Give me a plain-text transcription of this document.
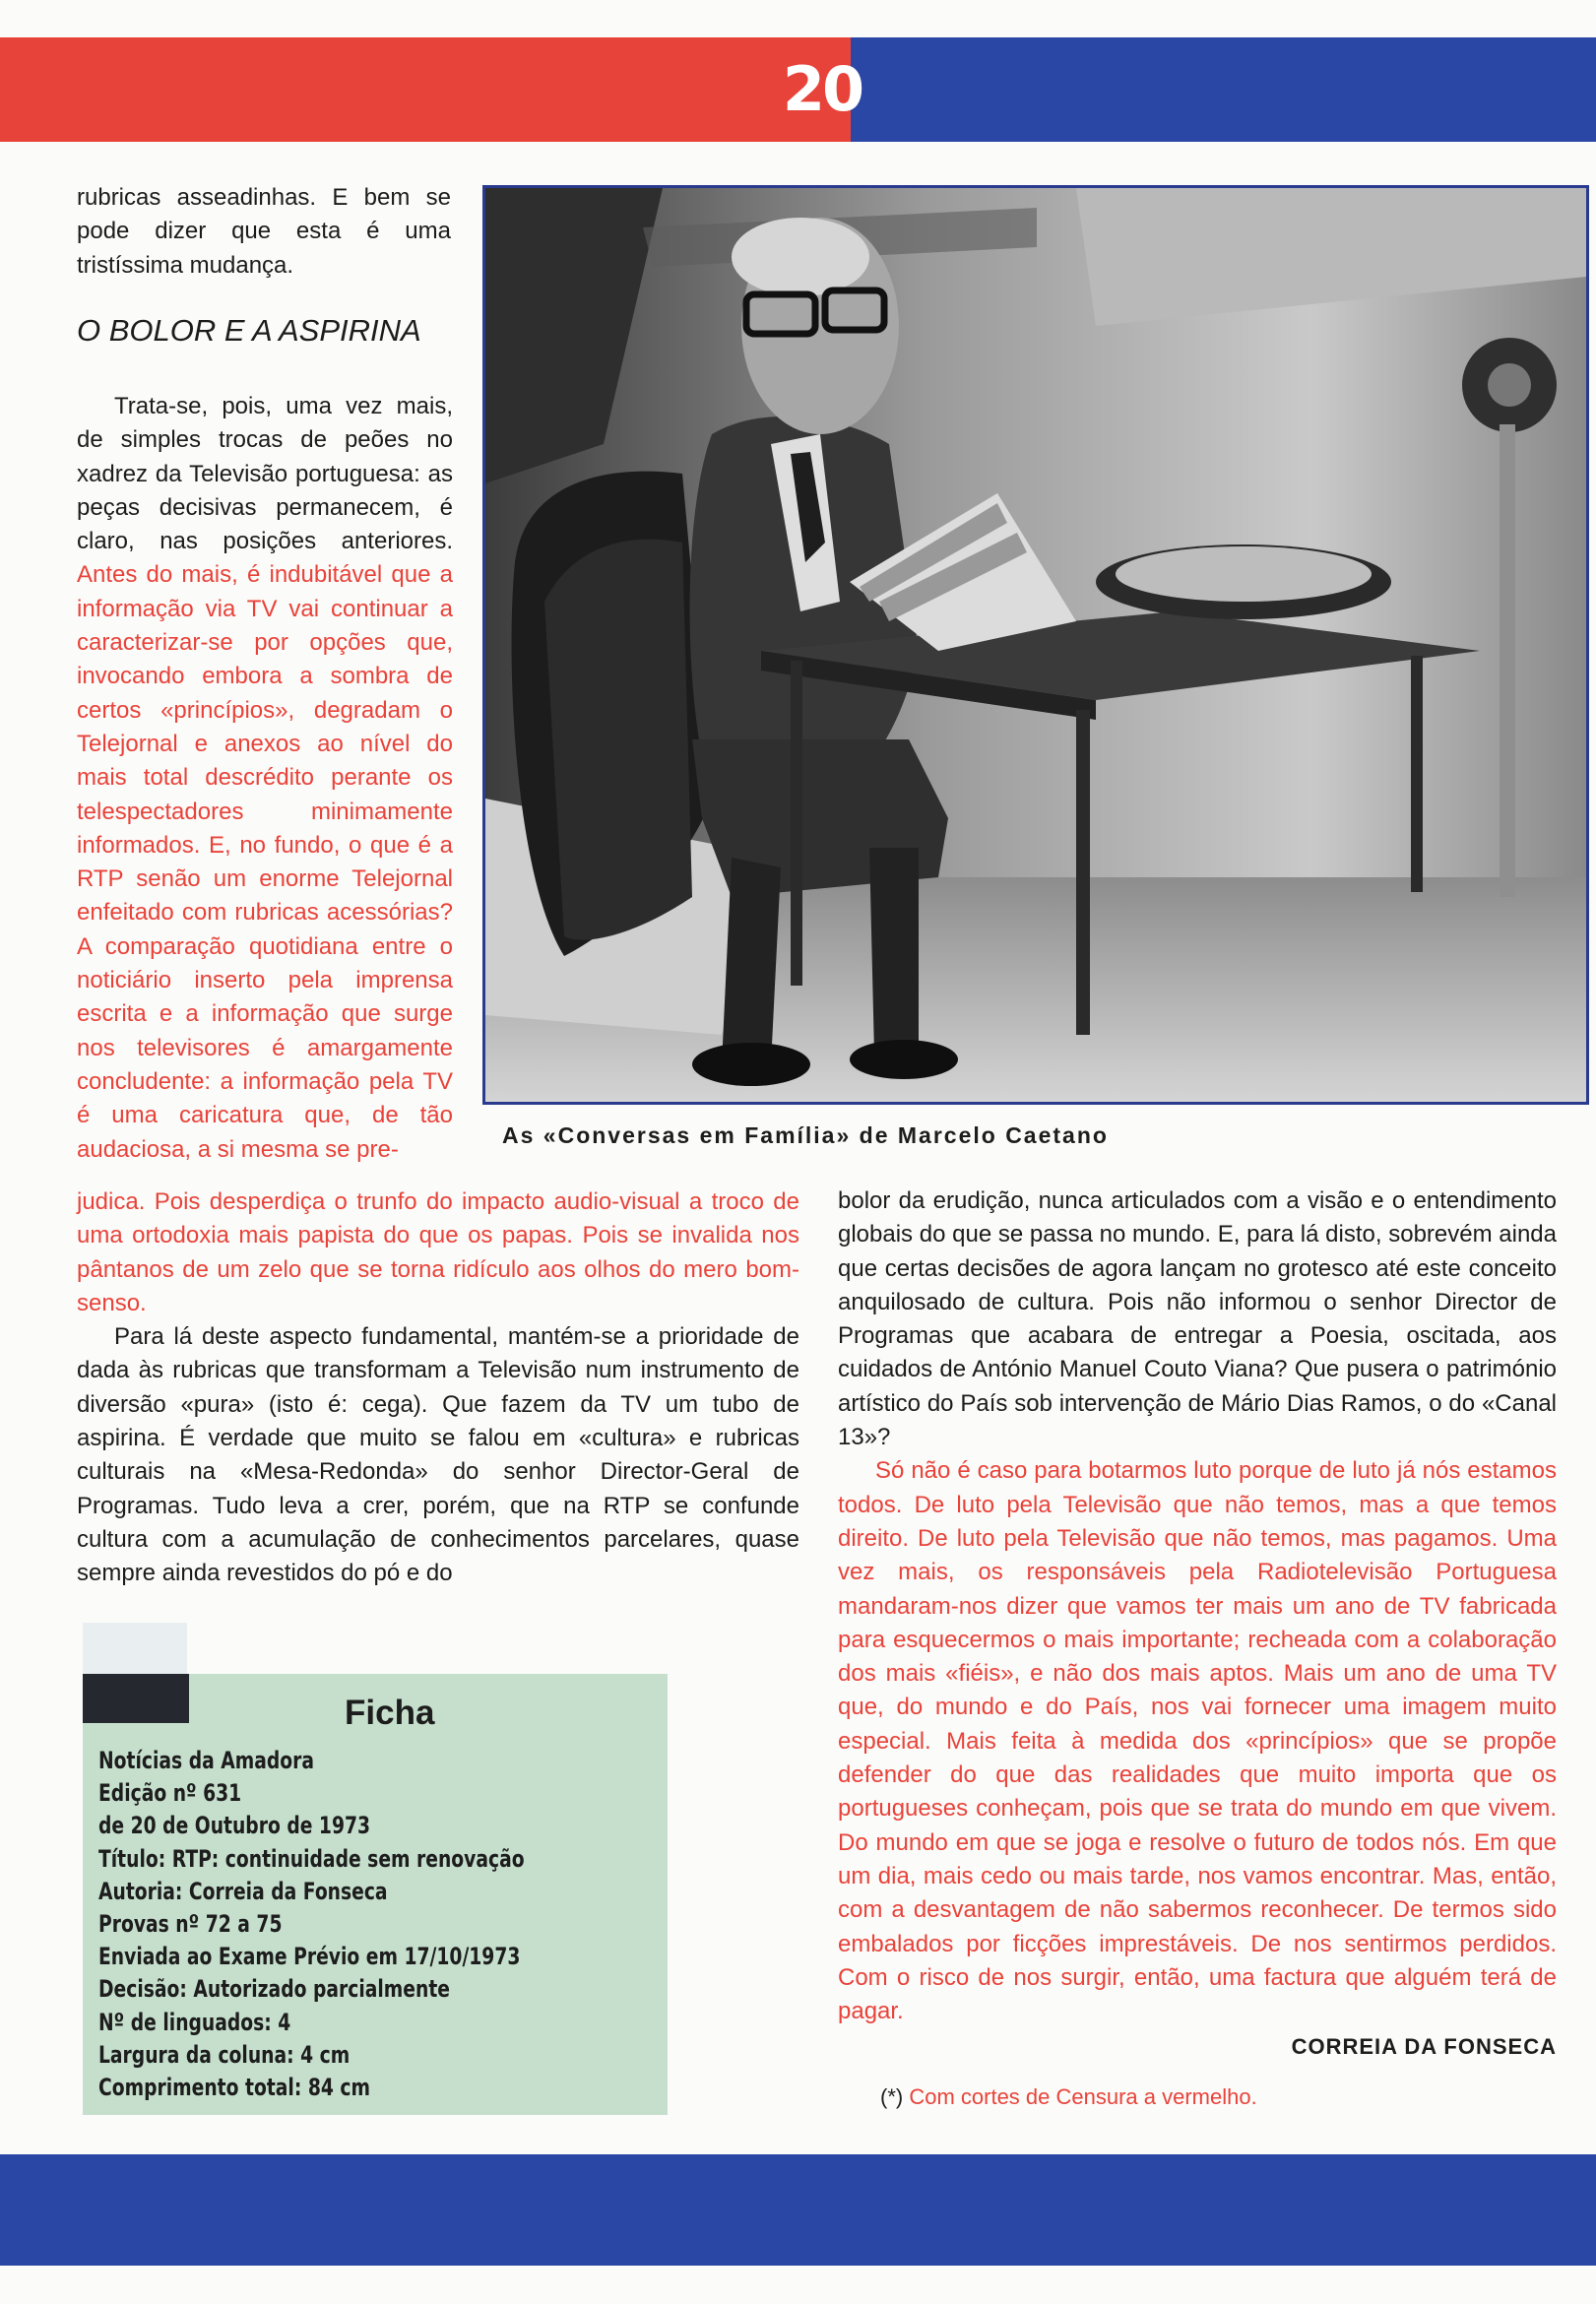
20

rubricas asseadinhas. E bem se pode dizer que esta é uma tristíssima mudança.

O BOLOR E A ASPIRINA

Trata-se, pois, uma vez mais, de simples trocas de peões no xadrez da Televisão portuguesa: as peças decisivas permanecem, é claro, nas posições anteriores. Antes do mais, é indubitável que a informação via TV vai continuar a caracterizar-se por opções que, invocando embora a sombra de certos «princípios», degradam o Telejornal e anexos ao nível do mais total descrédito perante os telespectadores minimamente informados. E, no fundo, o que é a RTP senão um enorme Telejornal enfeitado com rubricas acessórias? A comparação quotidiana entre o noticiário inserto pela imprensa escrita e a informação que surge nos televisores é amargamente concludente: a informação pela TV é uma caricatura que, de tão audaciosa, a si mesma se pre-

As «Conversas em Família» de Marcelo Caetano

judica. Pois desperdiça o trunfo do impacto audio-visual a troco de uma ortodoxia mais papista do que os papas. Pois se invalida nos pântanos de um zelo que se torna ridículo aos olhos do mero bom-senso.

Para lá deste aspecto fundamental, mantém-se a prioridade de dada às rubricas que transformam a Televisão num instrumento de diversão «pura» (isto é: cega). Que fazem da TV um tubo de aspirina. É verdade que muito se falou em «cultura» e rubricas culturais na «Mesa-Redonda» do senhor Director-Geral de Programas. Tudo leva a crer, porém, que na RTP se confunde cultura com a acumulação de conhecimentos parcelares, quase sempre ainda revestidos do pó e do

bolor da erudição, nunca articulados com a visão e o entendimento globais do que se passa no mundo. E, para lá disto, sobrevém ainda que certas decisões de agora lançam no grotesco até este conceito anquilosado de cultura. Pois não informou o senhor Director de Programas que acabara de entregar a Poesia, oscitada, aos cuidados de António Manuel Couto Viana? Que pusera o património artístico do País sob intervenção de Mário Dias Ramos, o do «Canal 13»?

Só não é caso para botarmos luto porque de luto já nós estamos todos. De luto pela Televisão que não temos, mas a que temos direito. De luto pela Televisão que não temos, mas pagamos. Uma vez mais, os responsáveis pela Radiotelevisão Portuguesa mandaram-nos dizer que vamos ter mais um ano de TV fabricada para esquecermos o mais importante; recheada com a colaboração dos mais «fiéis», e não dos mais aptos. Mais um ano de uma TV que, do mundo e do País, nos vai fornecer uma imagem muito especial. Mais feita à medida dos «princípios» que se propõe defender do que das realidades que muito importa que os portugueses conheçam, pois que se trata do mundo em que vivem. Do mundo em que se joga e resolve o futuro de todos nós. Em que um dia, mais cedo ou mais tarde, nos vamos encontrar. Mas, então, com a desvantagem de não sabermos reconhecer. De termos sido embalados por ficções imprestáveis. De nos sentirmos perdidos. Com o risco de nos surgir, então, uma factura que alguém terá de pagar.

CORREIA DA FONSECA
Ficha
Notícias da Amadora
Edição nº 631
de 20 de Outubro de 1973
Título: RTP: continuidade sem renovação
Autoria: Correia da Fonseca
Provas nº 72 a 75
Enviada ao Exame Prévio em 17/10/1973
Decisão: Autorizado parcialmente
Nº de linguados: 4
Largura da coluna: 4 cm
Comprimento total: 84 cm	(*) Com cortes de Censura a vermelho.
